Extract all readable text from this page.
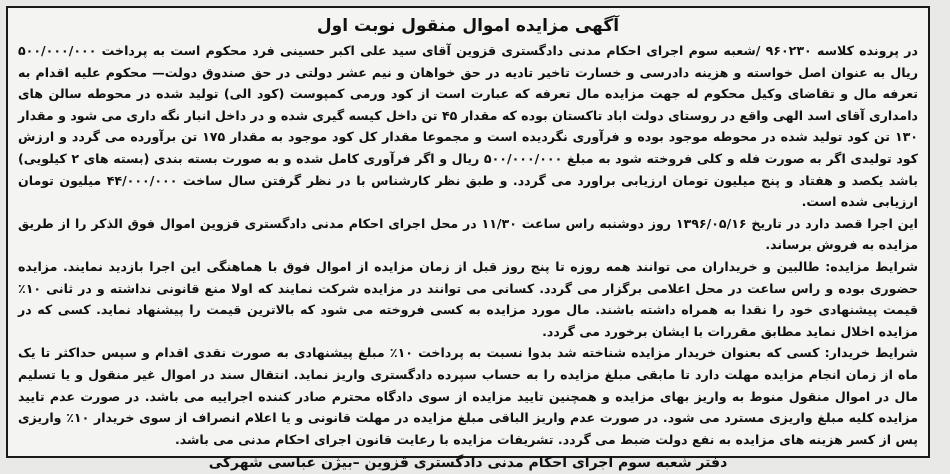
آگهی مزایده اموال منقول نوبت اول

در پرونده کلاسه ۹۶۰۲۳۰ /شعبه سوم اجرای احکام مدنی دادگستری قزوین آقای سید علی اکبر حسینی فرد محکوم است به پرداخت ۵۰۰/۰۰۰/۰۰۰ ریال به عنوان اصل خواسته و هزینه دادرسی و خسارت تاخیر تادیه در حق خواهان و نیم عشر دولتی در حق صندوق دولت— محکوم علیه اقدام به تعرفه مال و تقاضای وکیل محکوم له جهت مزایده مال تعرفه که عبارت است از کود ورمی کمپوست (کود الی) تولید شده در محوطه سالن های دامداری آقای اسد الهی واقع در روستای دولت اباد تاکستان بوده که مقدار ۴۵ تن داخل کیسه گیری شده و در داخل انبار نگه داری می شود و مقدار ۱۳۰ تن کود تولید شده در محوطه موجود بوده و فرآوری نگردیده است و مجموعا مقدار کل کود موجود به مقدار ۱۷۵ تن برآورده می گردد و ارزش کود تولیدی اگر به صورت فله و کلی فروخته شود به مبلغ ۵۰۰/۰۰۰/۰۰۰ ریال و اگر فرآوری کامل شده و به صورت بسته بندی (بسته های ۲ کیلویی) باشد یکصد و هفتاد و پنج میلیون تومان ارزیابی براورد می گردد. و طبق نظر کارشناس با در نظر گرفتن سال ساخت ۴۴/۰۰۰/۰۰۰ میلیون تومان ارزیابی شده است.

این اجرا قصد دارد در تاریخ ۱۳۹۶/۰۵/۱۶ روز دوشنبه راس ساعت ۱۱/۳۰ در محل اجرای احکام مدنی دادگستری قزوین اموال فوق الذکر را از طریق مزایده به فروش برساند.

شرایط مزایده: طالبین و خریداران می توانند همه روزه تا پنج روز قبل از زمان مزایده از اموال فوق با هماهنگی این اجرا بازدید نمایند. مزایده حضوری بوده و راس ساعت در محل اعلامی برگزار می گردد. کسانی می توانند در مزایده شرکت نمایند که اولا منع قانونی نداشته و در ثانی ۱۰٪ قیمت پیشنهادی خود را نقدا به همراه داشته باشند. مال مورد مزایده به کسی فروخته می شود که بالاترین قیمت را پیشنهاد نماید. کسی که در مزایده اخلال نماید مطابق مقررات با ایشان برخورد می گردد.

شرایط خریدار: کسی که بعنوان خریدار مزایده شناخته شد بدوا نسبت به پرداخت ۱۰٪ مبلغ پیشنهادی به صورت نقدی اقدام و سپس حداکثر تا یک ماه از زمان انجام مزایده مهلت دارد تا مابقی مبلغ مزایده را به حساب سپرده دادگستری واریز نماید. انتقال سند در اموال غیر منقول و یا تسلیم مال در اموال منقول منوط به واریز بهای مزایده و همچنین تایید مزایده از سوی دادگاه محترم صادر کننده اجراییه می باشد. در صورت عدم تایید مزایده کلیه مبلغ واریزی مسترد می شود. در صورت عدم واریز الباقی مبلغ مزایده در مهلت قانونی و یا اعلام انصراف از سوی خریدار ۱۰٪ واریزی پس از کسر هزینه های مزایده به نفع دولت ضبط می گردد. تشریفات مزایده با رعایت قانون اجرای احکام مدنی می باشد.

دفتر شعبه سوم اجرای احکام مدنی دادگستری قزوین –بیژن عباسی شهرکی
